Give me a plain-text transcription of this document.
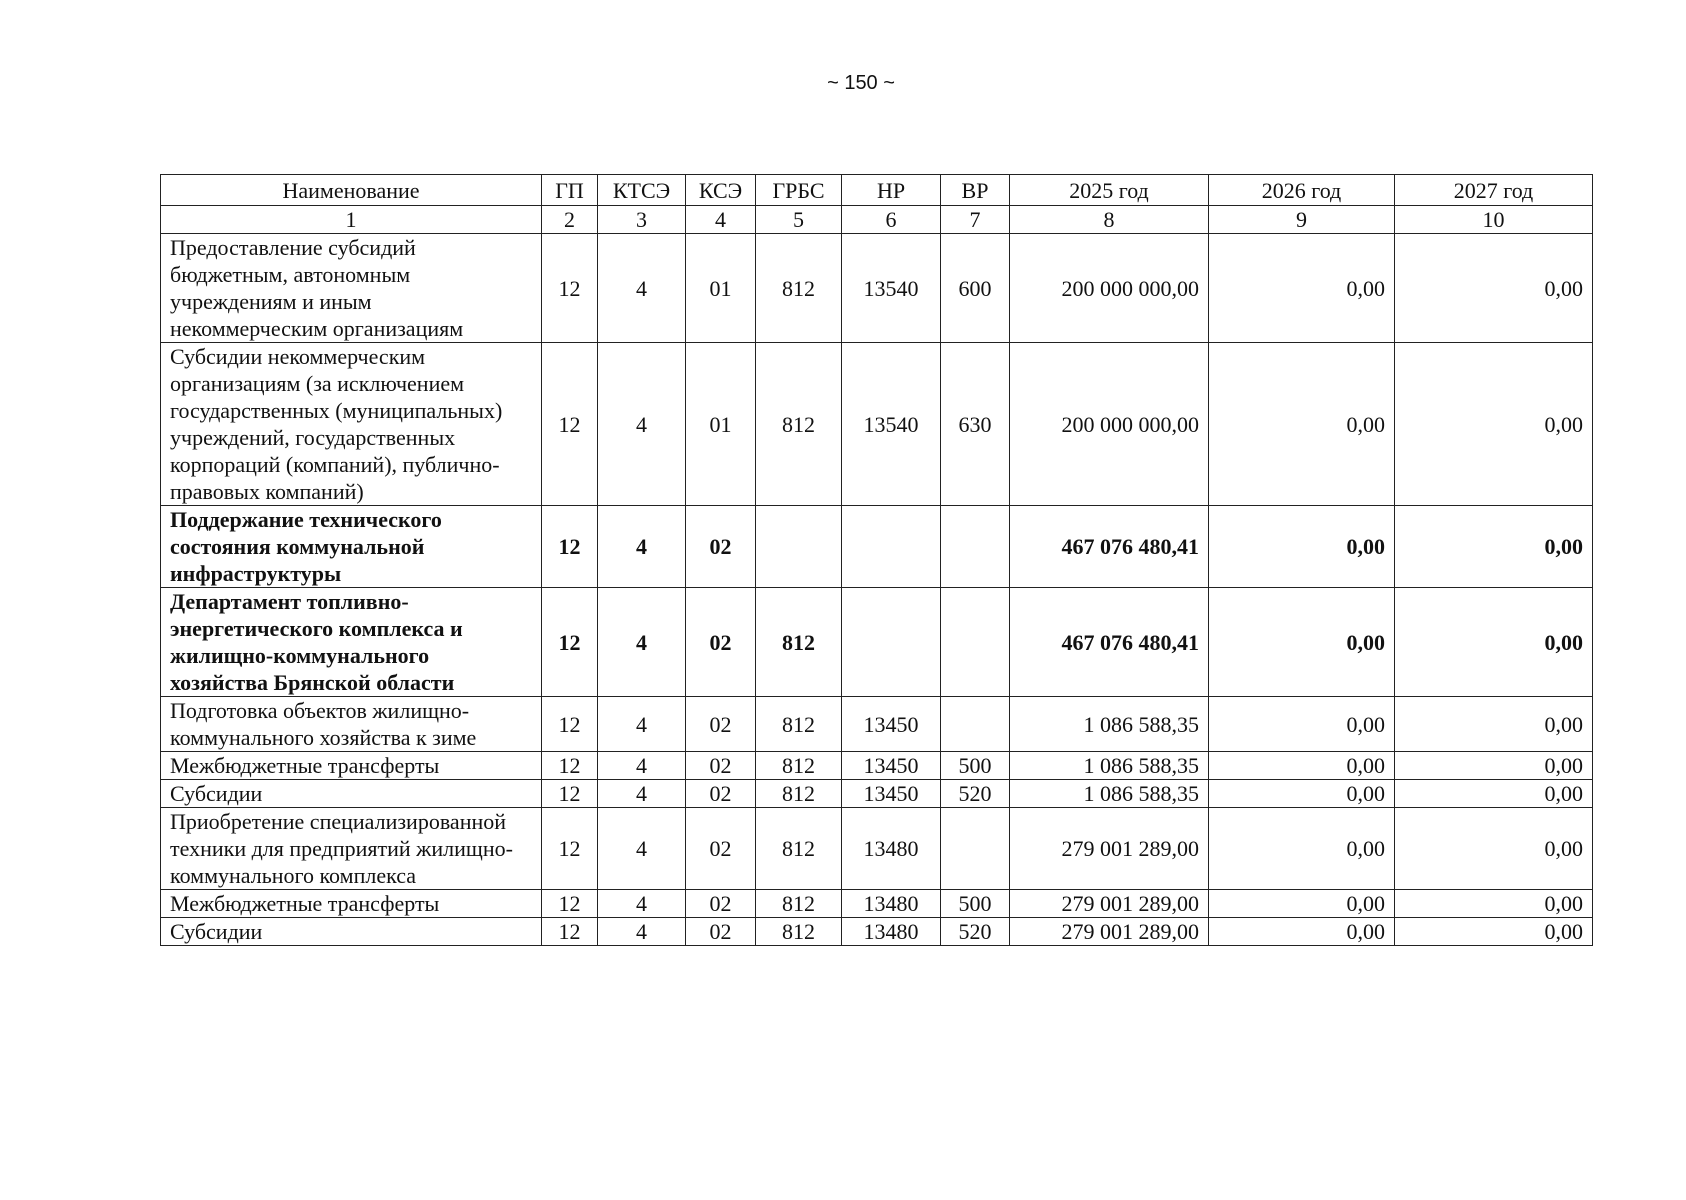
~ 150 ~
Наименование	ГП	КТСЭ	КСЭ	ГРБС	НР	ВР	2025 год	2026 год	2027 год
1	2	3	4	5	6	7	8	9	10
Предоставление субсидий бюджетным, автономным учреждениям и иным некоммерческим организациям	12	4	01	812	13540	600	200 000 000,00	0,00	0,00
Субсидии некоммерческим организациям (за исключением государственных (муниципальных) учреждений, государственных корпораций (компаний), публично-правовых компаний)	12	4	01	812	13540	630	200 000 000,00	0,00	0,00
Поддержание технического состояния коммунальной инфраструктуры	12	4	02				467 076 480,41	0,00	0,00
Департамент топливно-энергетического комплекса и жилищно-коммунального хозяйства Брянской области	12	4	02	812			467 076 480,41	0,00	0,00
Подготовка объектов жилищно-коммунального хозяйства к зиме	12	4	02	812	13450		1 086 588,35	0,00	0,00
Межбюджетные трансферты	12	4	02	812	13450	500	1 086 588,35	0,00	0,00
Субсидии	12	4	02	812	13450	520	1 086 588,35	0,00	0,00
Приобретение специализированной техники для предприятий жилищно-коммунального комплекса	12	4	02	812	13480		279 001 289,00	0,00	0,00
Межбюджетные трансферты	12	4	02	812	13480	500	279 001 289,00	0,00	0,00
Субсидии	12	4	02	812	13480	520	279 001 289,00	0,00	0,00
